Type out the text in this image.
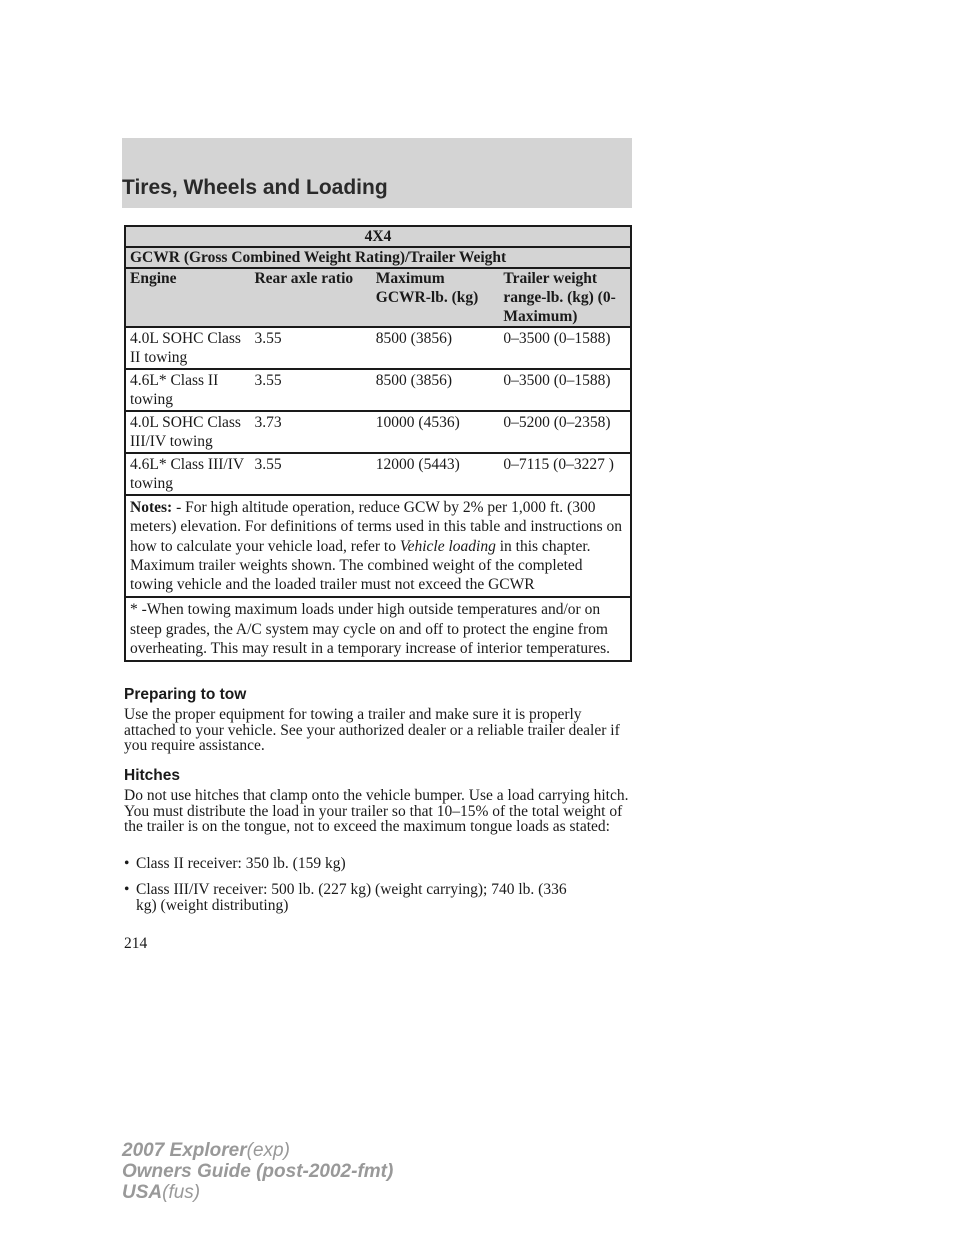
Tires, Wheels and Loading
4X4			
GCWR (Gross Combined Weight Rating)/Trailer Weight			
Engine	Rear axle ratio	Maximum GCWR-lb. (kg)	Trailer weight range-lb. (kg) (0-Maximum)
4.0L SOHC Class II towing	3.55	8500 (3856)	0–3500 (0–1588)
4.6L* Class II towing	3.55	8500 (3856)	0–3500 (0–1588)
4.0L SOHC Class III/IV towing	3.73	10000 (4536)	0–5200 (0–2358)
4.6L* Class III/IV towing	3.55	12000 (5443)	0–7115 (0–3227 )
Notes: - For high altitude operation, reduce GCW by 2% per 1,000 ft. (300 meters) elevation. For definitions of terms used in this table and instructions on how to calculate your vehicle load, refer to Vehicle loading in this chapter. Maximum trailer weights shown. The combined weight of the completed towing vehicle and the loaded trailer must not exceed the GCWR			
* -When towing maximum loads under high outside temperatures and/or on steep grades, the A/C system may cycle on and off to protect the engine from overheating. This may result in a temporary increase of interior temperatures.			
Preparing to tow
Use the proper equipment for towing a trailer and make sure it is properly attached to your vehicle. See your authorized dealer or a reliable trailer dealer if you require assistance.
Hitches
Do not use hitches that clamp onto the vehicle bumper. Use a load carrying hitch. You must distribute the load in your trailer so that 10–15% of the total weight of the trailer is on the tongue, not to exceed the maximum tongue loads as stated:
• Class II receiver: 350 lb. (159 kg)
• Class III/IV receiver: 500 lb. (227 kg) (weight carrying); 740 lb. (336 kg) (weight distributing)
214
2007 Explorer(exp)
Owners Guide (post-2002-fmt)
USA(fus)
